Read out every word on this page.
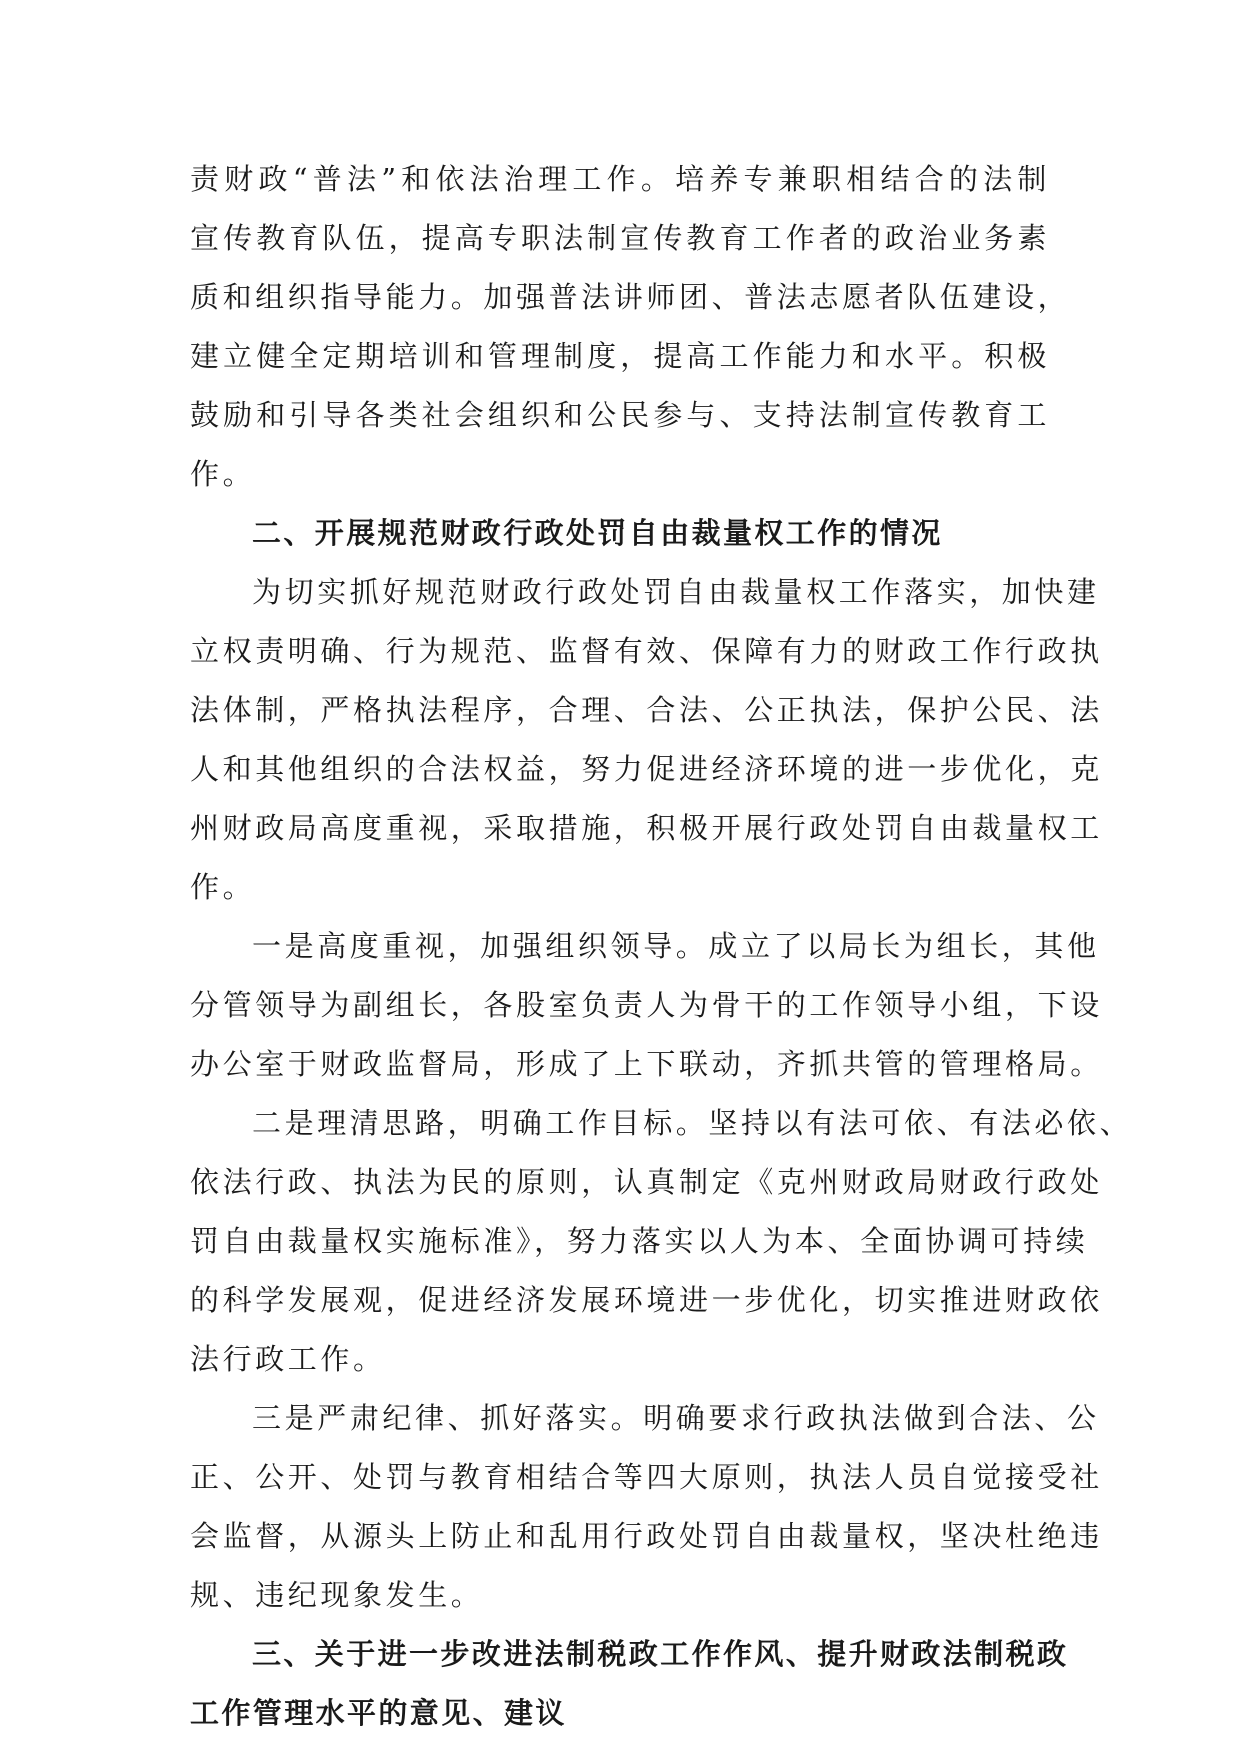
责财政“普法”和依法治理工作。培养专兼职相结合的法制
宣传教育队伍，提高专职法制宣传教育工作者的政治业务素
质和组织指导能力。加强普法讲师团、普法志愿者队伍建设，
建立健全定期培训和管理制度，提高工作能力和水平。积极
鼓励和引导各类社会组织和公民参与、支持法制宣传教育工
作。
二、开展规范财政行政处罚自由裁量权工作的情况
为切实抓好规范财政行政处罚自由裁量权工作落实，加快建
立权责明确、行为规范、监督有效、保障有力的财政工作行政执
法体制，严格执法程序，合理、合法、公正执法，保护公民、法
人和其他组织的合法权益，努力促进经济环境的进一步优化，克
州财政局高度重视，采取措施，积极开展行政处罚自由裁量权工
作。
一是高度重视，加强组织领导。成立了以局长为组长，其他
分管领导为副组长，各股室负责人为骨干的工作领导小组，下设
办公室于财政监督局，形成了上下联动，齐抓共管的管理格局。
二是理清思路，明确工作目标。坚持以有法可依、有法必依、
依法行政、执法为民的原则，认真制定《克州财政局财政行政处
罚自由裁量权实施标准》，努力落实以人为本、全面协调可持续
的科学发展观，促进经济发展环境进一步优化，切实推进财政依
法行政工作。
三是严肃纪律、抓好落实。明确要求行政执法做到合法、公
正、公开、处罚与教育相结合等四大原则，执法人员自觉接受社
会监督，从源头上防止和乱用行政处罚自由裁量权，坚决杜绝违
规、违纪现象发生。
三、关于进一步改进法制税政工作作风、提升财政法制税政
工作管理水平的意见、建议
